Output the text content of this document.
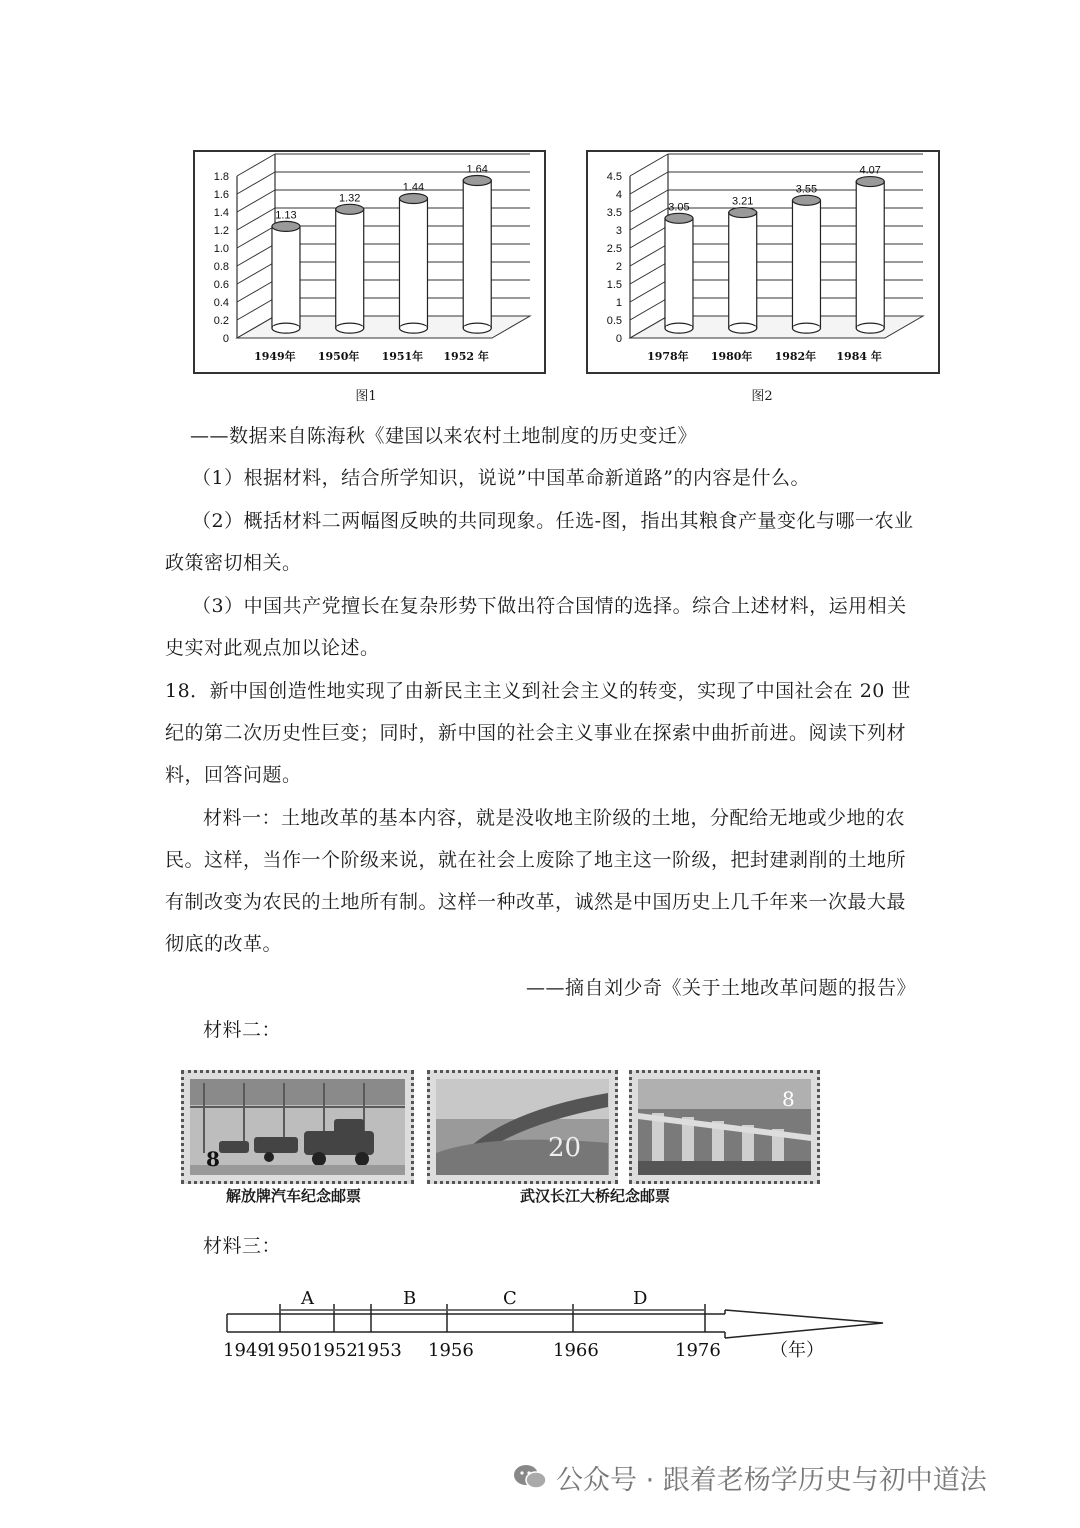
0
0.2
0.4
0.6
0.8
1.0
1.2
1.4
1.6
1.8
1.13
1949年
1.32
1950年
1.44
1951年
1.64
1952 年
图1
0
0.5
1
1.5
2
2.5
3
3.5
4
4.5
3.05
1978年
3.21
1980年
3.55
1982年
4.07
1984 年
图2
——数据来自陈海秋《建国以来农村土地制度的历史变迁》
（1）根据材料，结合所学知识，说说”中国革命新道路”的内容是什么。
（2）概括材料二两幅图反映的共同现象。任选-图，指出其粮食产量变化与哪一农业
政策密切相关。
（3）中国共产党擅长在复杂形势下做出符合国情的选择。综合上述材料，运用相关
史实对此观点加以论述。
18．新中国创造性地实现了由新民主主义到社会主义的转变，实现了中国社会在 20 世
纪的第二次历史性巨变；同时，新中国的社会主义事业在探索中曲折前进。阅读下列材
料，回答问题。
材料一：土地改革的基本内容，就是没收地主阶级的土地，分配给无地或少地的农
民。这样，当作一个阶级来说，就在社会上废除了地主这一阶级，把封建剥削的土地所
有制改变为农民的土地所有制。这样一种改革，诚然是中国历史上几千年来一次最大最
彻底的改革。
——摘自刘少奇《关于土地改革问题的报告》
材料二：
8	20
8
解放牌汽车纪念邮票	武汉长江大桥纪念邮票
材料三：
A	B	C	D
1949
1950 1952
1953 1956	1966	1976	（年）
公众号 · 跟着老杨学历史与初中道法
